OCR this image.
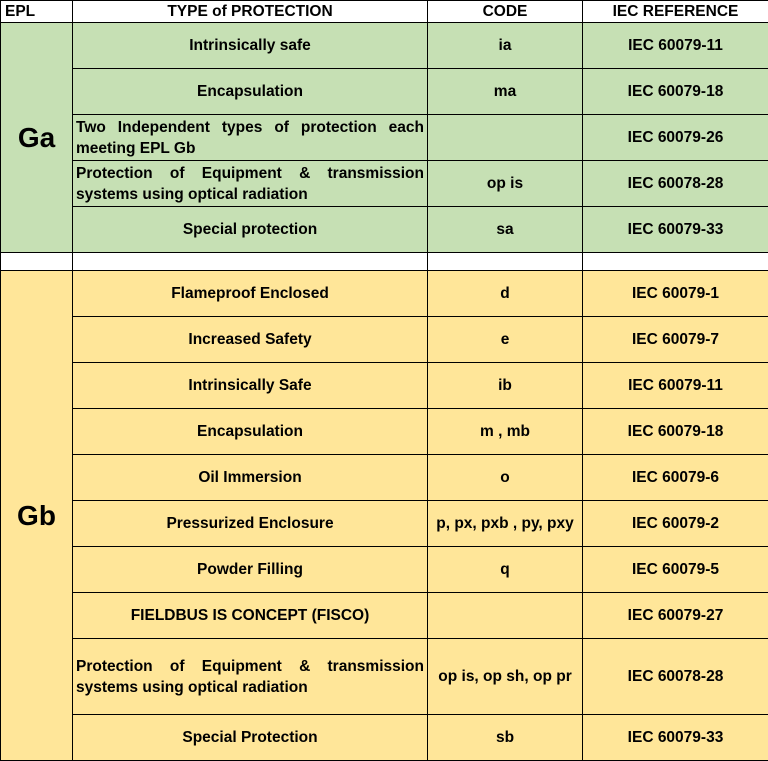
EPL	TYPE of PROTECTION	CODE	IEC REFERENCE
Ga	Intrinsically safe	ia	IEC 60079-11
	Encapsulation	ma	IEC 60079-18
	Two Independent types of protection each meeting EPL Gb		IEC 60079-26
	Protection of Equipment & transmission systems using optical radiation	op is	IEC 60078-28
	Special protection	sa	IEC 60079-33

Gb	Flameproof Enclosed	d	IEC 60079-1
	Increased Safety	e	IEC 60079-7
	Intrinsically Safe	ib	IEC 60079-11
	Encapsulation	m , mb	IEC 60079-18
	Oil Immersion	o	IEC 60079-6
	Pressurized Enclosure	p, px, pxb , py, pxy	IEC 60079-2
	Powder Filling	q	IEC 60079-5
	FIELDBUS IS CONCEPT (FISCO)		IEC 60079-27
	Protection of Equipment & transmission systems using optical radiation	op is, op sh, op pr	IEC 60078-28
	Special Protection	sb	IEC 60079-33
